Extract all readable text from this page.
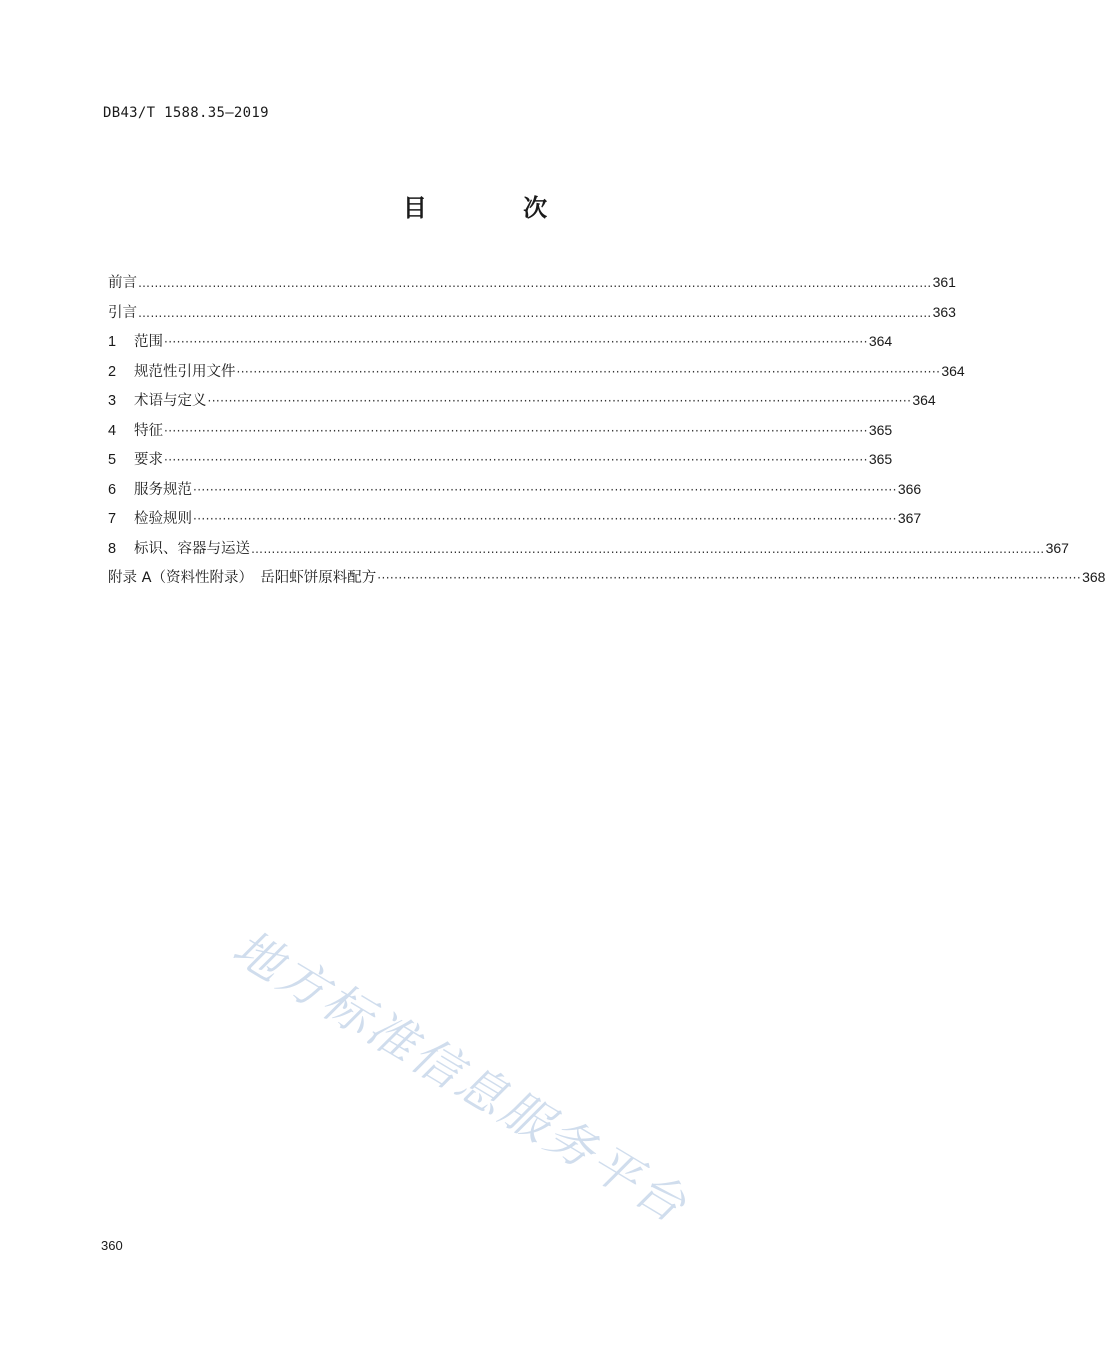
DB43/T 1588.35—2019
目 次
前言 ………………………………………………………………………………………………………………………………………………………………………… 361
引言 ………………………………………………………………………………………………………………………………………………………………………… 363
1	范围 ······································································································································································· 364
2	规范性引用文件 ······································································································································································· 364
3	术语与定义 ······································································································································································· 364
4	特征 ······································································································································································· 365
5	要求 ······································································································································································· 365
6	服务规范 ······································································································································································· 366
7	检验规则 ······································································································································································· 367
8	标识、容器与运送 ………………………………………………………………………………………………………………………………………………………………………… 367
附录 A（资料性附录）　岳阳虾饼原料配方 ······································································································································································· 368
地方标准信息服务平台
360
